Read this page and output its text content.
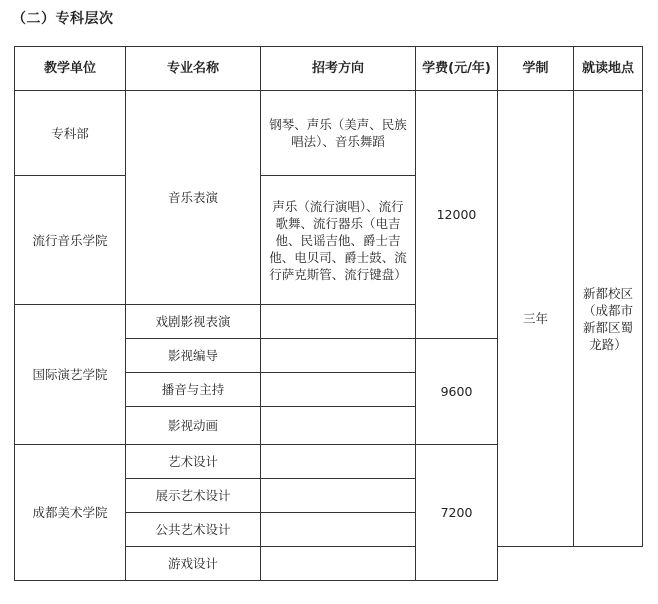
（二）专科层次
教学单位	专业名称	招考方向	学费(元/年)	学制	就读地点
专科部	音乐表演	钢琴、声乐（美声、民族唱法）、音乐舞蹈	12000	三年	新都校区（成都市新都区蜀龙路）
流行音乐学院		声乐（流行演唱）、流行歌舞、流行器乐（电吉他、民谣吉他、爵士吉他、电贝司、爵士鼓、流行萨克斯管、流行键盘）			

国际演艺学院	戏剧影视表演				
	影视编导		9600		
	播音与主持				
	影视动画				
成都美术学院	艺术设计		7200		
	展示艺术设计				
	公共艺术设计				
	游戏设计				
